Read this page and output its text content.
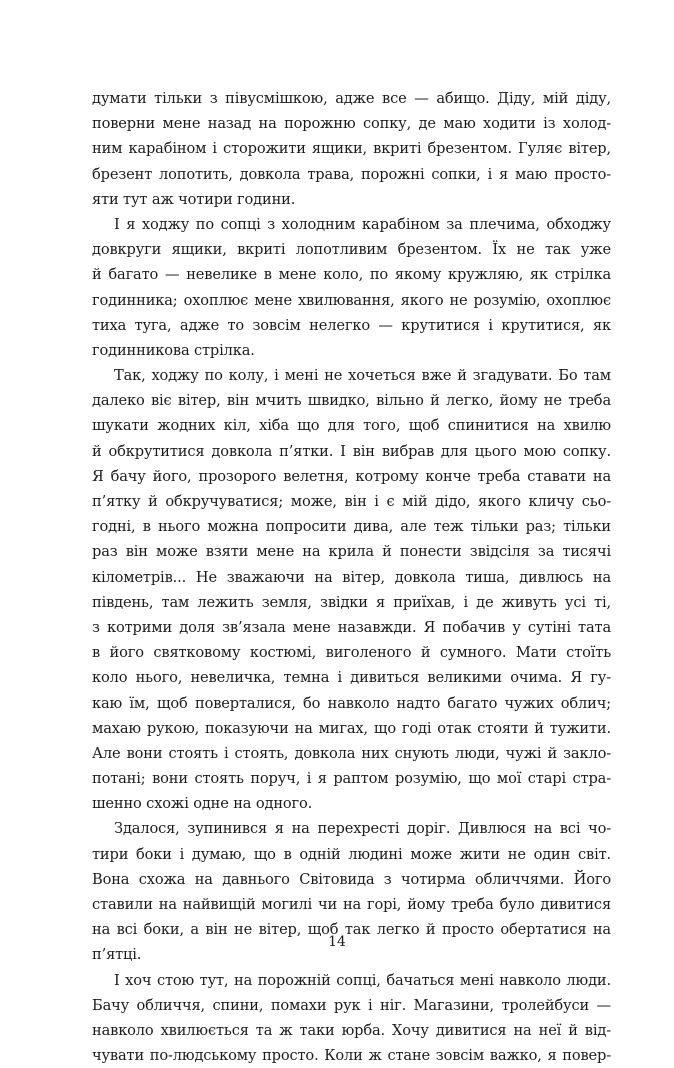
думати тільки з півусмішкою, адже все — абищо. Діду, мій діду,
поверни мене назад на порожню сопку, де маю ходити із холод-
ним карабіном і сторожити ящики, вкриті брезентом. Гуляє вітер,
брезент лопотить, довкола трава, порожні сопки, і я маю просто-
яти тут аж чотири години.
І я ходжу по сопці з холодним карабіном за плечима, обходжу
довкруги ящики, вкриті лопотливим брезентом. Їх не так уже
й багато — невелике в мене коло, по якому кружляю, як стрілка
годинника; охоплює мене хвилювання, якого не розумію, охоплює
тиха туга, адже то зовсім нелегко — крутитися і крутитися, як
годинникова стрілка.
Так, ходжу по колу, і мені не хочеться вже й згадувати. Бо там
далеко віє вітер, він мчить швидко, вільно й легко, йому не треба
шукати жодних кіл, хіба що для того, щоб спинитися на хвилю
й обкрутитися довкола п’ятки. І він вибрав для цього мою сопку.
Я бачу його, прозорого велетня, котрому конче треба ставати на
п’ятку й обкручуватися; може, він і є мій дідо, якого кличу сьо-
годні, в нього можна попросити дива, але теж тільки раз; тільки
раз він може взяти мене на крила й понести звідсіля за тисячі
кілометрів... Не зважаючи на вітер, довкола тиша, дивлюсь на
південь, там лежить земля, звідки я приїхав, і де живуть усі ті,
з котрими доля зв’язала мене назавжди. Я побачив у сутіні тата
в його святковому костюмі, виголеного й сумного. Мати стоїть
коло нього, невеличка, темна і дивиться великими очима. Я гу-
каю їм, щоб поверталися, бо навколо надто багато чужих облич;
махаю рукою, показуючи на мигах, що годі отак стояти й тужити.
Але вони стоять і стоять, довкола них снують люди, чужі й закло-
потані; вони стоять поруч, і я раптом розумію, що мої старі стра-
шенно схожі одне на одного.
Здалося, зупинився я на перехресті доріг. Дивлюся на всі чо-
тири боки і думаю, що в одній людині може жити не один світ.
Вона схожа на давнього Світовида з чотирма обличчями. Його
ставили на найвищій могилі чи на горі, йому треба було дивитися
на всі боки, а він не вітер, щоб так легко й просто обертатися на
п’ятці.
І хоч стою тут, на порожній сопці, бачаться мені навколо люди.
Бачу обличчя, спини, помахи рук і ніг. Магазини, тролейбуси —
навколо хвилюється та ж таки юрба. Хочу дивитися на неї й від-
чувати по-людському просто. Коли ж стане зовсім важко, я повер-
14
